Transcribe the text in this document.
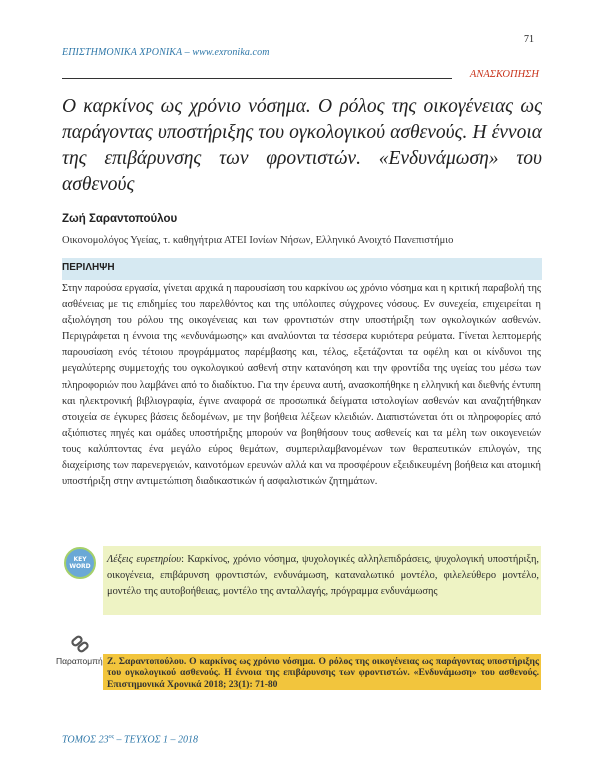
71
ΕΠΙΣΤΗΜΟΝΙΚΑ ΧΡΟΝΙΚΑ – www.exronika.com
ΑΝΑΣΚΟΠΗΣΗ
Ο καρκίνος ως χρόνιο νόσημα. Ο ρόλος της οικογένειας ως παράγοντας υποστήριξης του ογκολογικού ασθενούς. Η έννοια της επιβάρυνσης των φροντιστών. «Ενδυνάμωση» του ασθενούς
Ζωή Σαραντοπούλου
Οικονομολόγος Υγείας, τ. καθηγήτρια ΑΤΕΙ Ιονίων Νήσων, Ελληνικό Ανοιχτό Πανεπιστήμιο
ΠΕΡΙΛΗΨΗ
Στην παρούσα εργασία, γίνεται αρχικά η παρουσίαση του καρκίνου ως χρόνιο νόσημα και η κριτική παραβολή της ασθένειας με τις επιδημίες του παρελθόντος και της υπόλοιπες σύγχρονες νόσους. Εν συνεχεία, επιχειρείται η αξιολόγηση του ρόλου της οικογένειας και των φροντιστών στην υποστήριξη των ογκολογικών ασθενών. Περιγράφεται η έννοια της «ενδυνάμωσης» και αναλύονται τα τέσσερα κυριότερα ρεύματα. Γίνεται λεπτομερής παρουσίαση ενός τέτοιου προγράμματος παρέμβασης και, τέλος, εξετάζονται τα οφέλη και οι κίνδυνοι της μεγαλύτερης συμμετοχής του ογκολογικού ασθενή στην κατανόηση και την φροντίδα της υγείας του μέσω των πληροφοριών που λαμβάνει από το διαδίκτυο. Για την έρευνα αυτή, ανασκοπήθηκε η ελληνική και διεθνής έντυπη και ηλεκτρονική βιβλιογραφία, έγινε αναφορά σε προσωπικά δείγματα ιστολογίων ασθενών και αναζητήθηκαν στοιχεία σε έγκυρες βάσεις δεδομένων, με την βοήθεια λέξεων κλειδιών. Διαπιστώνεται ότι οι πληροφορίες από αξιόπιστες πηγές και ομάδες υποστήριξης μπορούν να βοηθήσουν τους ασθενείς και τα μέλη των οικογενειών τους καλύπτοντας ένα μεγάλο εύρος θεμάτων, συμπεριλαμβανομένων των θεραπευτικών επιλογών, της διαχείρισης των παρενεργειών, καινοτόμων ερευνών αλλά και να προσφέρουν εξειδικευμένη βοήθεια και ατομική υποστήριξη στην αντιμετώπιση διαδικαστικών ή ασφαλιστικών ζητημάτων.
KEY WORD
Λέξεις ευρετηρίου: Καρκίνος, χρόνιο νόσημα, ψυχολογικές αλληλεπιδράσεις, ψυχολογική υποστήριξη, οικογένεια, επιβάρυνση φροντιστών, ενδυνάμωση, καταναλωτικό μοντέλο, φιλελεύθερο μοντέλο, μοντέλο της αυτοβοήθειας, μοντέλο της ανταλλαγής, πρόγραμμα ενδυνάμωσης
Παραπομπή Ζ. Σαραντοπούλου. Ο καρκίνος ως χρόνιο νόσημα. Ο ρόλος της οικογένειας ως παράγοντας υποστήριξης του ογκολογικού ασθενούς. Η έννοια της επιβάρυνσης των φροντιστών. «Ενδυνάμωση» του ασθενούς. Επιστημονικά Χρονικά 2018; 23(1): 71-80
ΤΟΜΟΣ $23^{o\varsigma}$ – ΤΕΥΧΟΣ 1 – 2018
